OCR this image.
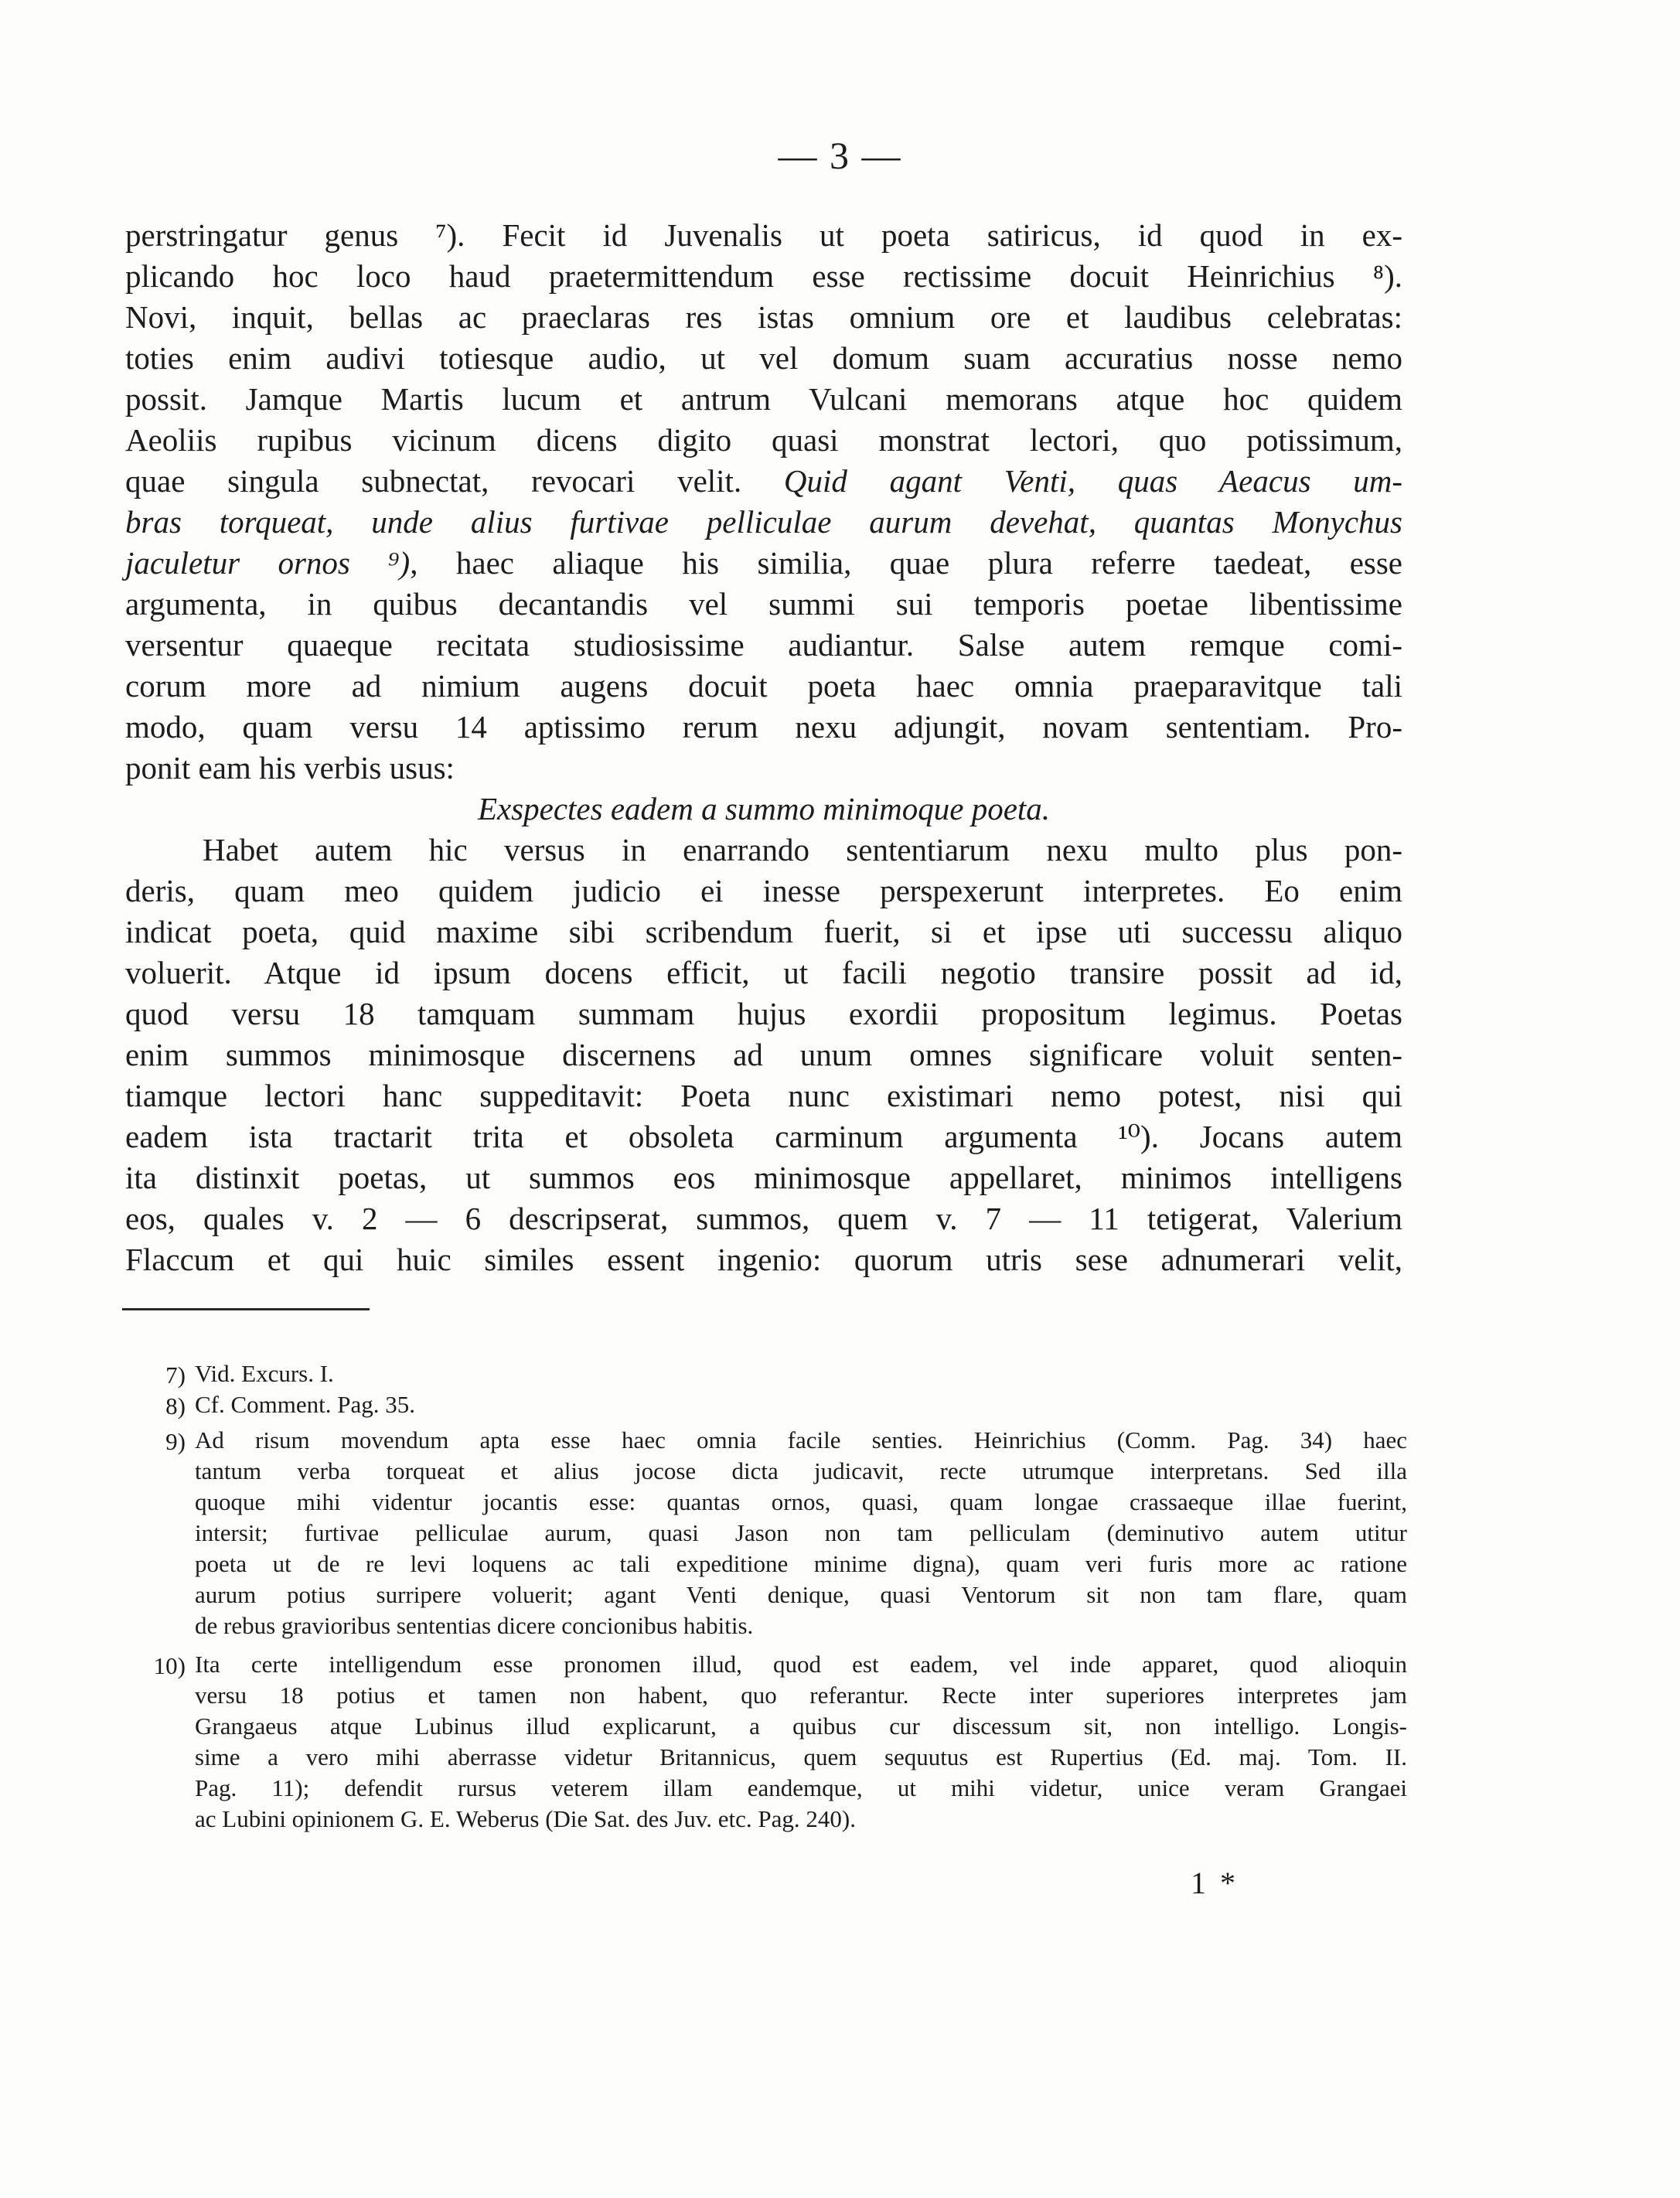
— 3 —
perstringatur genus ⁷). Fecit id Juvenalis ut poeta satiricus, id quod in ex-
plicando hoc loco haud praetermittendum esse rectissime docuit Heinrichius ⁸).
Novi, inquit, bellas ac praeclaras res istas omnium ore et laudibus celebratas:
toties enim audivi totiesque audio, ut vel domum suam accuratius nosse nemo
possit. Jamque Martis lucum et antrum Vulcani memorans atque hoc quidem
Aeoliis rupibus vicinum dicens digito quasi monstrat lectori, quo potissimum,
quae singula subnectat, revocari velit. Quid agant Venti, quas Aeacus um-
bras torqueat, unde alius furtivae pelliculae aurum devehat, quantas Monychus
jaculetur ornos ⁹), haec aliaque his similia, quae plura referre taedeat, esse
argumenta, in quibus decantandis vel summi sui temporis poetae libentissime
versentur quaeque recitata studiosissime audiantur. Salse autem remque comi-
corum more ad nimium augens docuit poeta haec omnia praeparavitque tali
modo, quam versu 14 aptissimo rerum nexu adjungit, novam sententiam. Pro-
ponit eam his verbis usus:
Exspectes eadem a summo minimoque poeta.
Habet autem hic versus in enarrando sententiarum nexu multo plus pon-
deris, quam meo quidem judicio ei inesse perspexerunt interpretes. Eo enim
indicat poeta, quid maxime sibi scribendum fuerit, si et ipse uti successu aliquo
voluerit. Atque id ipsum docens efficit, ut facili negotio transire possit ad id,
quod versu 18 tamquam summam hujus exordii propositum legimus. Poetas
enim summos minimosque discernens ad unum omnes significare voluit senten-
tiamque lectori hanc suppeditavit: Poeta nunc existimari nemo potest, nisi qui
eadem ista tractarit trita et obsoleta carminum argumenta ¹⁰). Jocans autem
ita distinxit poetas, ut summos eos minimosque appellaret, minimos intelligens
eos, quales v. 2 — 6 descripserat, summos, quem v. 7 — 11 tetigerat, Valerium
Flaccum et qui huic similes essent ingenio: quorum utris sese adnumerari velit,
7) Vid. Excurs. I.
8) Cf. Comment. Pag. 35.
9) Ad risum movendum apta esse haec omnia facile senties. Heinrichius (Comm. Pag. 34) haec
tantum verba torqueat et alius jocose dicta judicavit, recte utrumque interpretans. Sed illa
quoque mihi videntur jocantis esse: quantas ornos, quasi, quam longae crassaeque illae fuerint,
intersit; furtivae pelliculae aurum, quasi Jason non tam pelliculam (deminutivo autem utitur
poeta ut de re levi loquens ac tali expeditione minime digna), quam veri furis more ac ratione
aurum potius surripere voluerit; agant Venti denique, quasi Ventorum sit non tam flare, quam
de rebus gravioribus sententias dicere concionibus habitis.
10) Ita certe intelligendum esse pronomen illud, quod est eadem, vel inde apparet, quod alioquin
versu 18 potius et tamen non habent, quo referantur. Recte inter superiores interpretes jam
Grangaeus atque Lubinus illud explicarunt, a quibus cur discessum sit, non intelligo. Longis-
sime a vero mihi aberrasse videtur Britannicus, quem sequutus est Rupertius (Ed. maj. Tom. II.
Pag. 11); defendit rursus veterem illam eandemque, ut mihi videtur, unice veram Grangaei
ac Lubini opinionem G. E. Weberus (Die Sat. des Juv. etc. Pag. 240).
1 *
